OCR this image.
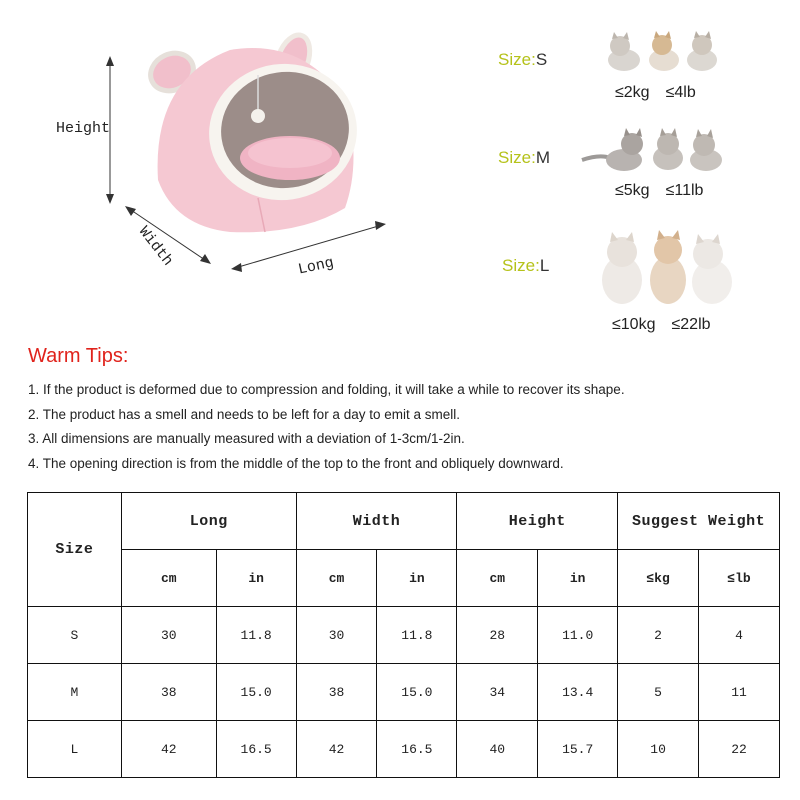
Height
Width	Long
Size:S
≤2kg ≤4lb
Size:M
≤5kg ≤11lb
Size:L
≤10kg ≤22lb
Warm Tips:
1. If the product is deformed due to compression and folding, it will take a while to recover its shape.
2. The product has a smell and needs to be left for a day to emit a smell.
3. All dimensions are manually measured with a deviation of 1-3cm/1-2in.
4. The opening direction is from the middle of the top to the front and obliquely downward.
Size	Long		Width		Height		Suggest Weight	
	cm	in	cm	in	cm	in	≤kg	≤lb
S	30	11.8	30	11.8	28	11.0	2	4
M	38	15.0	38	15.0	34	13.4	5	11
L	42	16.5	42	16.5	40	15.7	10	22
